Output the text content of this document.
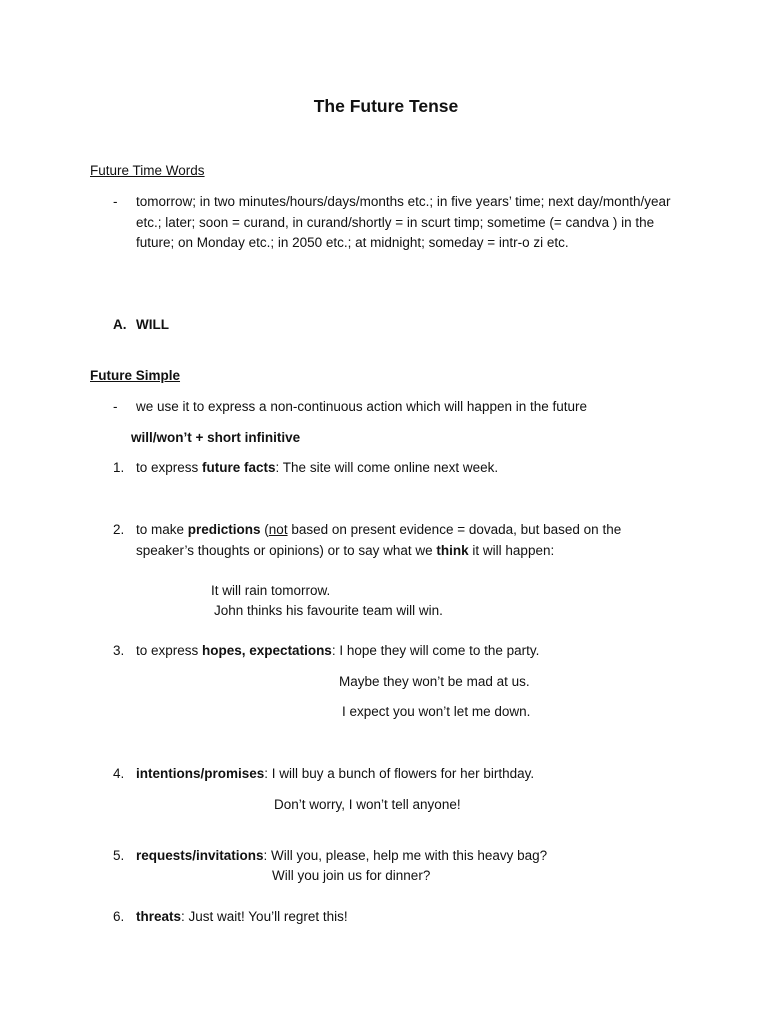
The Future Tense
Future Time Words
- tomorrow; in two minutes/hours/days/months etc.; in five years’ time; next day/month/year etc.; later; soon = curand, in curand/shortly = in scurt timp; sometime (= candva ) in the future; on Monday etc.; in 2050 etc.; at midnight; someday = intr-o zi etc.
A. WILL
Future Simple
- we use it to express a non-continuous action which will happen in the future
will/won’t + short infinitive
1. to express future facts: The site will come online next week.
2. to make predictions (not based on present evidence = dovada, but based on the speaker’s thoughts or opinions) or to say what we think it will happen:
It will rain tomorrow.
John thinks his favourite team will win.
3. to express hopes, expectations: I hope they will come to the party.
Maybe they won’t be mad at us.
I expect you won’t let me down.
4. intentions/promises: I will buy a bunch of flowers for her birthday.
Don’t worry, I won’t tell anyone!
5. requests/invitations: Will you, please, help me with this heavy bag?
Will you join us for dinner?
6. threats: Just wait! You’ll regret this!
